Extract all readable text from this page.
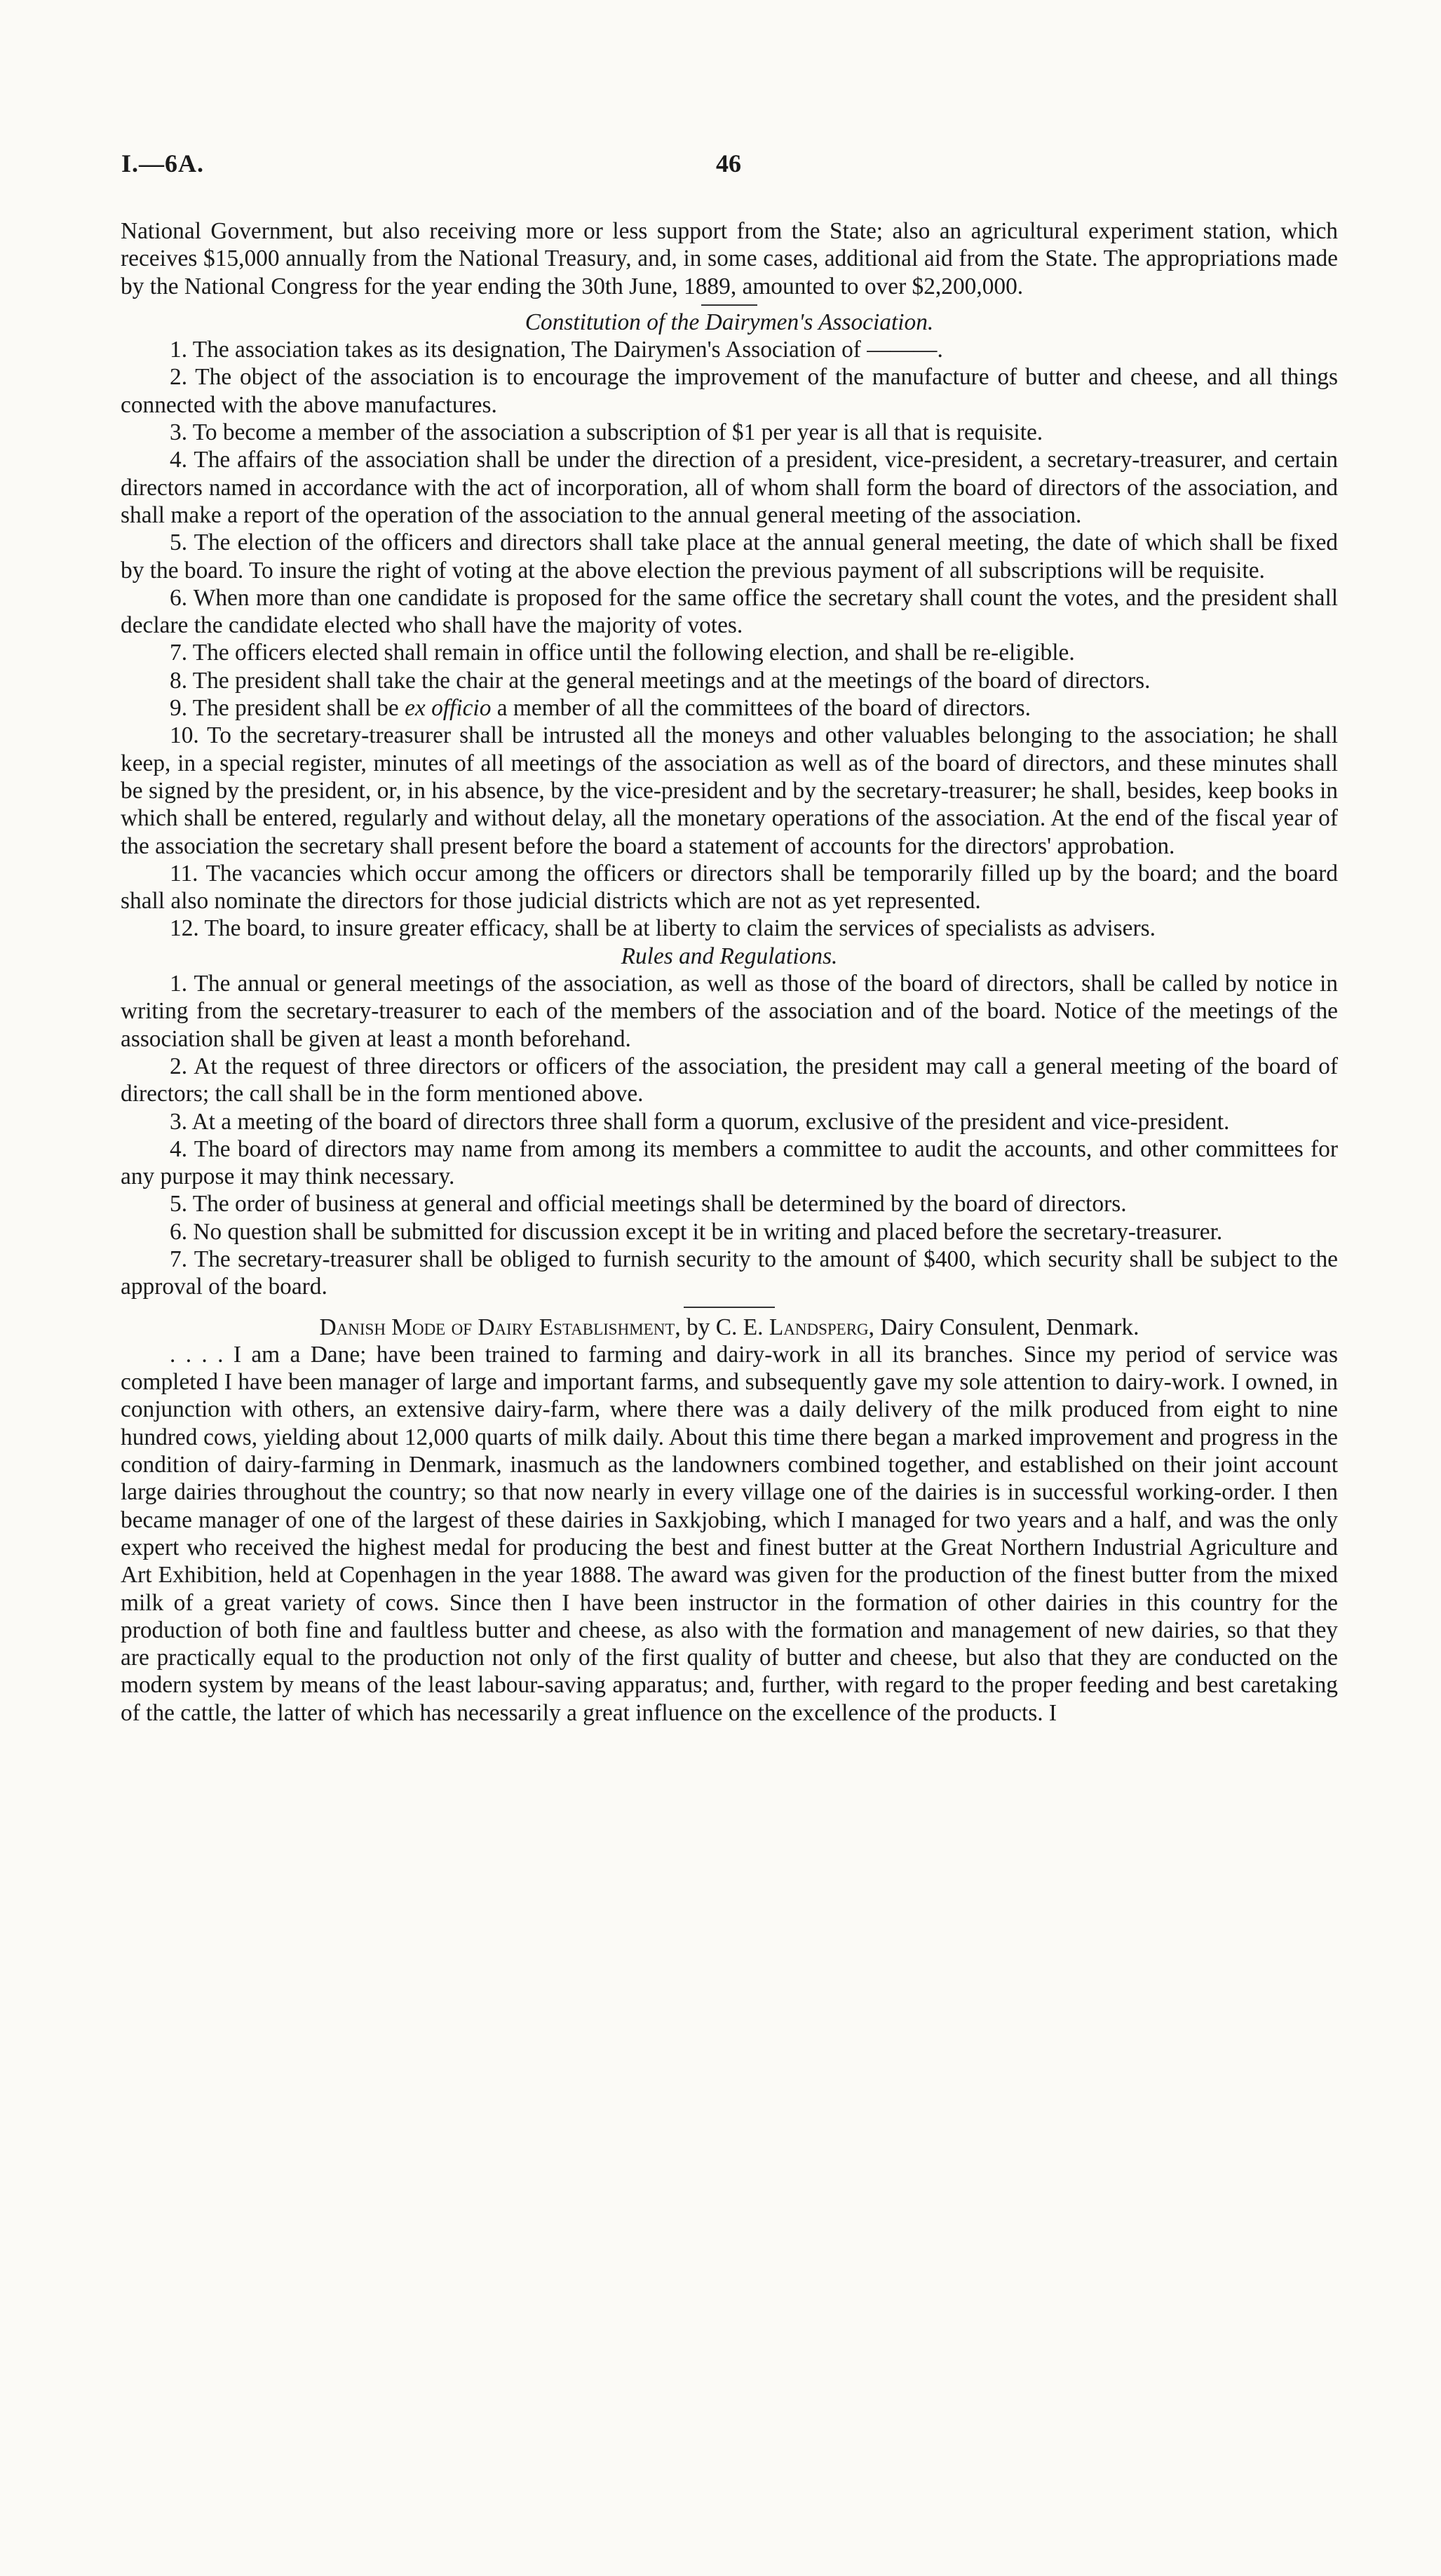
I.—6A.	46

National Government, but also receiving more or less support from the State; also an agricultural experiment station, which receives $15,000 annually from the National Treasury, and, in some cases, additional aid from the State. The appropriations made by the National Congress for the year ending the 30th June, 1889, amounted to over $2,200,000.

Constitution of the Dairymen's Association.

1. The association takes as its designation, The Dairymen's Association of ———.

2. The object of the association is to encourage the improvement of the manufacture of butter and cheese, and all things connected with the above manufactures.

3. To become a member of the association a subscription of $1 per year is all that is requisite.

4. The affairs of the association shall be under the direction of a president, vice-president, a secretary-treasurer, and certain directors named in accordance with the act of incorporation, all of whom shall form the board of directors of the association, and shall make a report of the operation of the association to the annual general meeting of the association.

5. The election of the officers and directors shall take place at the annual general meeting, the date of which shall be fixed by the board. To insure the right of voting at the above election the previous payment of all subscriptions will be requisite.

6. When more than one candidate is proposed for the same office the secretary shall count the votes, and the president shall declare the candidate elected who shall have the majority of votes.

7. The officers elected shall remain in office until the following election, and shall be re-eligible.

8. The president shall take the chair at the general meetings and at the meetings of the board of directors.

9. The president shall be ex officio a member of all the committees of the board of directors.

10. To the secretary-treasurer shall be intrusted all the moneys and other valuables belonging to the association; he shall keep, in a special register, minutes of all meetings of the association as well as of the board of directors, and these minutes shall be signed by the president, or, in his absence, by the vice-president and by the secretary-treasurer; he shall, besides, keep books in which shall be entered, regularly and without delay, all the monetary operations of the association. At the end of the fiscal year of the association the secretary shall present before the board a statement of accounts for the directors' approbation.

11. The vacancies which occur among the officers or directors shall be temporarily filled up by the board; and the board shall also nominate the directors for those judicial districts which are not as yet represented.

12. The board, to insure greater efficacy, shall be at liberty to claim the services of specialists as advisers.

Rules and Regulations.

1. The annual or general meetings of the association, as well as those of the board of directors, shall be called by notice in writing from the secretary-treasurer to each of the members of the association and of the board. Notice of the meetings of the association shall be given at least a month beforehand.

2. At the request of three directors or officers of the association, the president may call a general meeting of the board of directors; the call shall be in the form mentioned above.

3. At a meeting of the board of directors three shall form a quorum, exclusive of the president and vice-president.

4. The board of directors may name from among its members a committee to audit the accounts, and other committees for any purpose it may think necessary.

5. The order of business at general and official meetings shall be determined by the board of directors.

6. No question shall be submitted for discussion except it be in writing and placed before the secretary-treasurer.

7. The secretary-treasurer shall be obliged to furnish security to the amount of $400, which security shall be subject to the approval of the board.

Danish Mode of Dairy Establishment, by C. E. Landsperg, Dairy Consulent, Denmark.

. . . . I am a Dane; have been trained to farming and dairy-work in all its branches. Since my period of service was completed I have been manager of large and important farms, and subsequently gave my sole attention to dairy-work. I owned, in conjunction with others, an extensive dairy-farm, where there was a daily delivery of the milk produced from eight to nine hundred cows, yielding about 12,000 quarts of milk daily. About this time there began a marked improvement and progress in the condition of dairy-farming in Denmark, inasmuch as the landowners combined together, and established on their joint account large dairies throughout the country; so that now nearly in every village one of the dairies is in successful working-order. I then became manager of one of the largest of these dairies in Saxkjobing, which I managed for two years and a half, and was the only expert who received the highest medal for producing the best and finest butter at the Great Northern Industrial Agriculture and Art Exhibition, held at Copenhagen in the year 1888. The award was given for the production of the finest butter from the mixed milk of a great variety of cows. Since then I have been instructor in the formation of other dairies in this country for the production of both fine and faultless butter and cheese, as also with the formation and management of new dairies, so that they are practically equal to the production not only of the first quality of butter and cheese, but also that they are conducted on the modern system by means of the least labour-saving apparatus; and, further, with regard to the proper feeding and best caretaking of the cattle, the latter of which has necessarily a great influence on the excellence of the products. I
